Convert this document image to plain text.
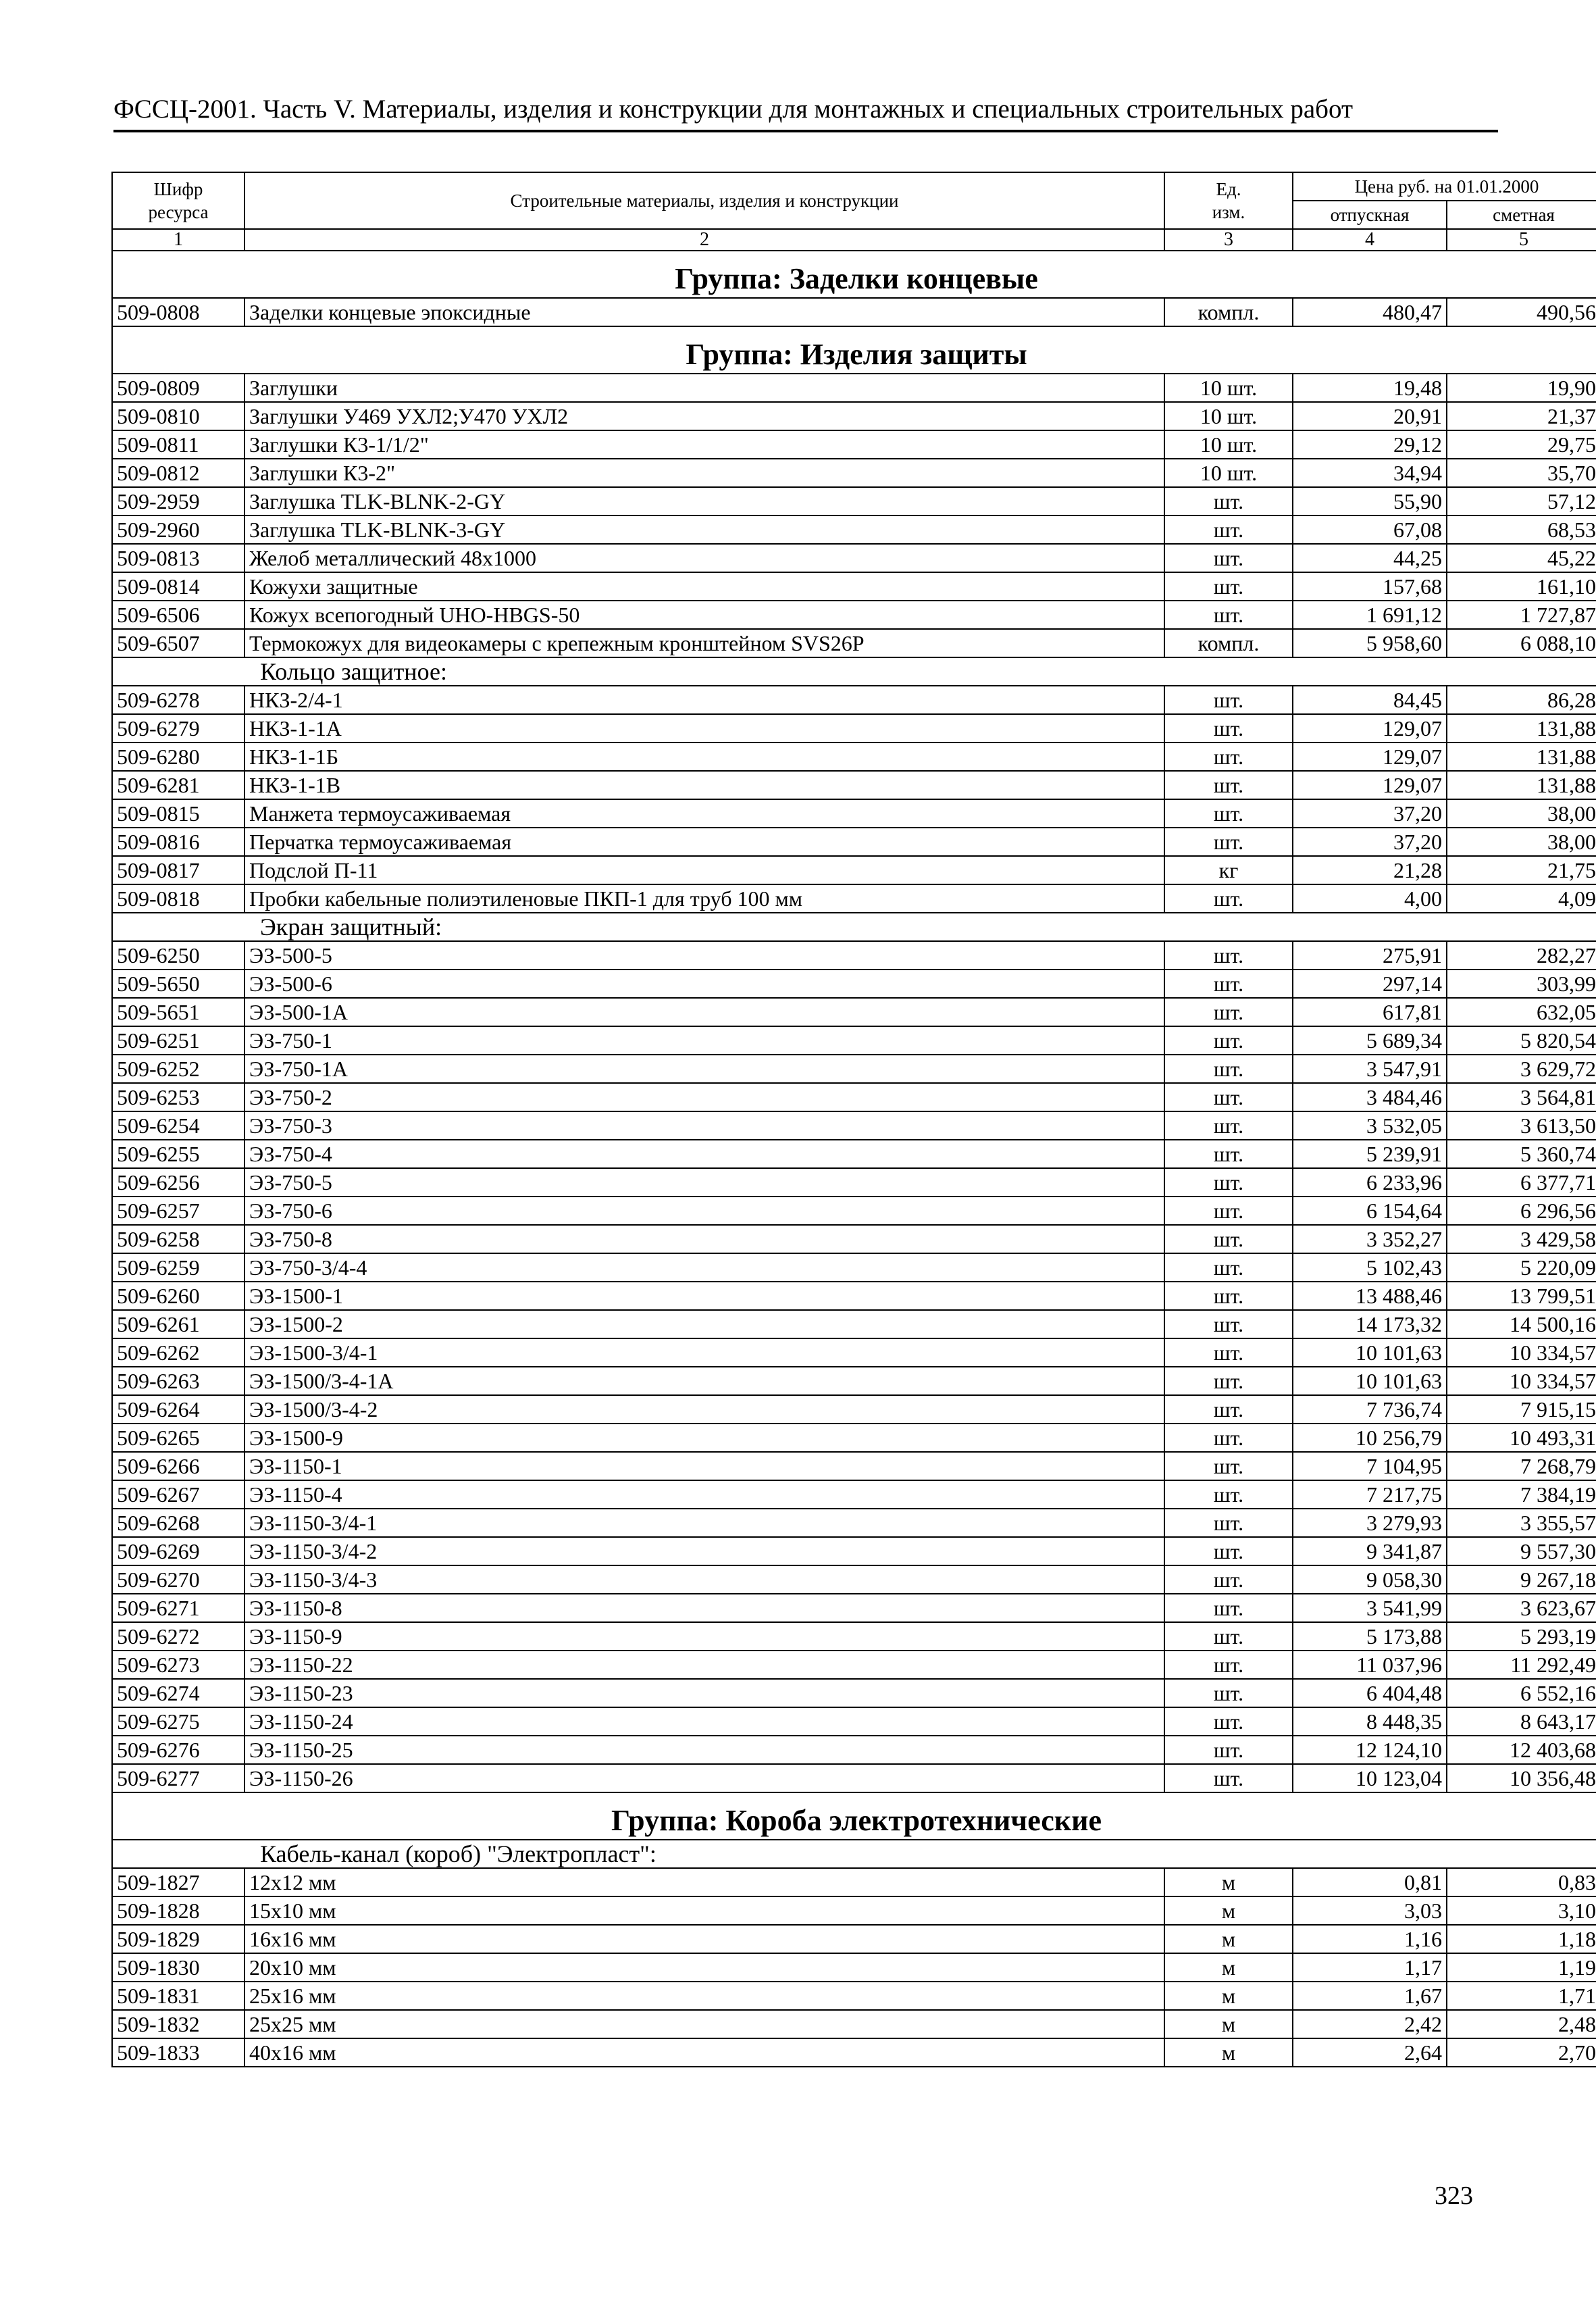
ФССЦ-2001. Часть V. Материалы, изделия и конструкции для монтажных и специальных строительных работ
Шифр ресурса	Строительные материалы, изделия и конструкции	Ед. изм.	Цена руб. на 01.01.2000	
			отпускная	сметная
1	2	3	4	5
Группа: Заделки концевые				
509-0808	Заделки концевые эпоксидные	компл.	480,47	490,56
Группа: Изделия защиты				
509-0809	Заглушки	10 шт.	19,48	19,90
509-0810	Заглушки У469 УХЛ2;У470 УХЛ2	10 шт.	20,91	21,37
509-0811	Заглушки К3-1/1/2"	10 шт.	29,12	29,75
509-0812	Заглушки К3-2"	10 шт.	34,94	35,70
509-2959	Заглушка TLK-BLNK-2-GY	шт.	55,90	57,12
509-2960	Заглушка TLK-BLNK-3-GY	шт.	67,08	68,53
509-0813	Желоб металлический 48х1000	шт.	44,25	45,22
509-0814	Кожухи защитные	шт.	157,68	161,10
509-6506	Кожух всепогодный UHO-HBGS-50	шт.	1 691,12	1 727,87
509-6507	Термокожух для видеокамеры с крепежным кронштейном SVS26P	компл.	5 958,60	6 088,10
Кольцо защитное:				
509-6278	НКЗ-2/4-1	шт.	84,45	86,28
509-6279	НКЗ-1-1А	шт.	129,07	131,88
509-6280	НКЗ-1-1Б	шт.	129,07	131,88
509-6281	НКЗ-1-1В	шт.	129,07	131,88
509-0815	Манжета термоусаживаемая	шт.	37,20	38,00
509-0816	Перчатка термоусаживаемая	шт.	37,20	38,00
509-0817	Подслой П-11	кг	21,28	21,75
509-0818	Пробки кабельные полиэтиленовые ПКП-1 для труб 100 мм	шт.	4,00	4,09
Экран защитный:				
509-6250	ЭЗ-500-5	шт.	275,91	282,27
509-5650	ЭЗ-500-6	шт.	297,14	303,99
509-5651	ЭЗ-500-1А	шт.	617,81	632,05
509-6251	ЭЗ-750-1	шт.	5 689,34	5 820,54
509-6252	ЭЗ-750-1А	шт.	3 547,91	3 629,72
509-6253	ЭЗ-750-2	шт.	3 484,46	3 564,81
509-6254	ЭЗ-750-3	шт.	3 532,05	3 613,50
509-6255	ЭЗ-750-4	шт.	5 239,91	5 360,74
509-6256	ЭЗ-750-5	шт.	6 233,96	6 377,71
509-6257	ЭЗ-750-6	шт.	6 154,64	6 296,56
509-6258	ЭЗ-750-8	шт.	3 352,27	3 429,58
509-6259	ЭЗ-750-3/4-4	шт.	5 102,43	5 220,09
509-6260	ЭЗ-1500-1	шт.	13 488,46	13 799,51
509-6261	ЭЗ-1500-2	шт.	14 173,32	14 500,16
509-6262	ЭЗ-1500-3/4-1	шт.	10 101,63	10 334,57
509-6263	ЭЗ-1500/3-4-1А	шт.	10 101,63	10 334,57
509-6264	ЭЗ-1500/3-4-2	шт.	7 736,74	7 915,15
509-6265	ЭЗ-1500-9	шт.	10 256,79	10 493,31
509-6266	ЭЗ-1150-1	шт.	7 104,95	7 268,79
509-6267	ЭЗ-1150-4	шт.	7 217,75	7 384,19
509-6268	ЭЗ-1150-3/4-1	шт.	3 279,93	3 355,57
509-6269	ЭЗ-1150-3/4-2	шт.	9 341,87	9 557,30
509-6270	ЭЗ-1150-3/4-3	шт.	9 058,30	9 267,18
509-6271	ЭЗ-1150-8	шт.	3 541,99	3 623,67
509-6272	ЭЗ-1150-9	шт.	5 173,88	5 293,19
509-6273	ЭЗ-1150-22	шт.	11 037,96	11 292,49
509-6274	ЭЗ-1150-23	шт.	6 404,48	6 552,16
509-6275	ЭЗ-1150-24	шт.	8 448,35	8 643,17
509-6276	ЭЗ-1150-25	шт.	12 124,10	12 403,68
509-6277	ЭЗ-1150-26	шт.	10 123,04	10 356,48
Группа: Короба электротехнические				
Кабель-канал (короб) "Электропласт":				
509-1827	12х12 мм	м	0,81	0,83
509-1828	15х10 мм	м	3,03	3,10
509-1829	16х16 мм	м	1,16	1,18
509-1830	20х10 мм	м	1,17	1,19
509-1831	25х16 мм	м	1,67	1,71
509-1832	25х25 мм	м	2,42	2,48
509-1833	40х16 мм	м	2,64	2,70
323
